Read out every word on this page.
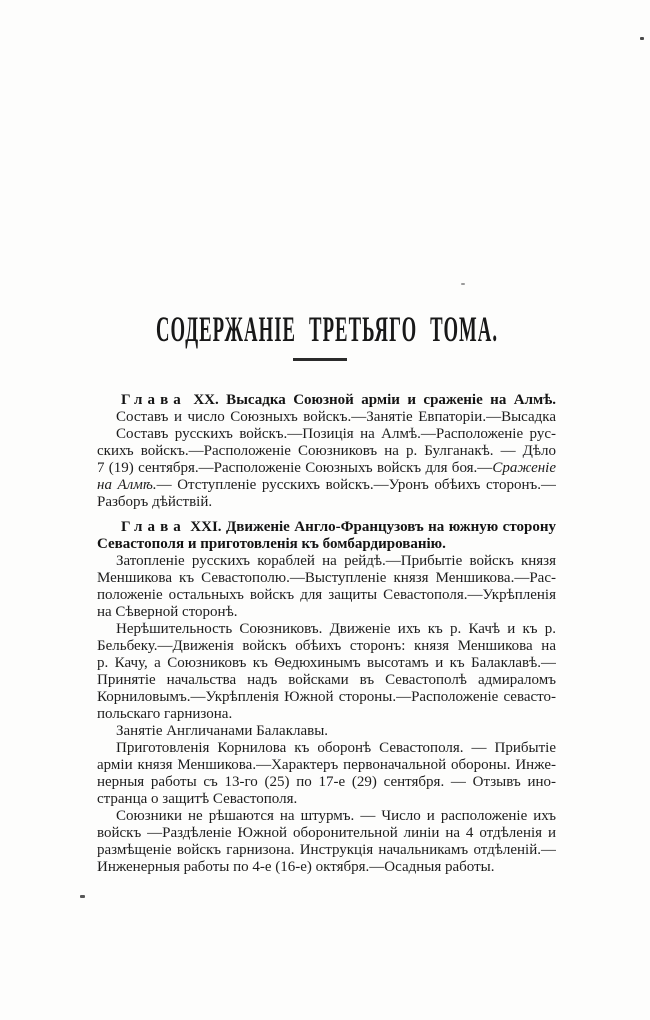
СОДЕРЖАНІЕ ТРЕТЬЯГО ТОМА.
Глава XX. Высадка Союзной арміи и сраженіе на Алмѣ.
Составъ и число Союзныхъ войскъ.—Занятіе Евпаторіи.—Высадка
Составъ русскихъ войскъ.—Позиція на Алмѣ.—Расположеніе рус-
скихъ войскъ.—Расположеніе Союзниковъ на р. Булганакѣ. — Дѣло
7 (19) сентября.—Расположеніе Союзныхъ войскъ для боя.—Сраженіе
на Алмѣ.— Отступленіе русскихъ войскъ.—Уронъ обѣихъ сторонъ.—
Разборъ дѣйствій.
Глава XXI. Движеніе Англо-Французовъ на южную сторону
Севастополя и приготовленія къ бомбардированію.
Затопленіе русскихъ кораблей на рейдѣ.—Прибытіе войскъ князя
Меншикова къ Севастополю.—Выступленіе князя Меншикова.—Рас-
положеніе остальныхъ войскъ для защиты Севастополя.—Укрѣпленія
на Сѣверной сторонѣ.
Нерѣшительность Союзниковъ. Движеніе ихъ къ р. Качѣ и къ р.
Бельбеку.—Движенія войскъ обѣихъ сторонъ: князя Меншикова на
р. Качу, а Союзниковъ къ Ѳедюхинымъ высотамъ и къ Балаклавѣ.—
Принятіе начальства надъ войсками въ Севастополѣ адмираломъ
Корниловымъ.—Укрѣпленія Южной стороны.—Расположеніе севасто-
польскаго гарнизона.
Занятіе Англичанами Балаклавы.
Приготовленія Корнилова къ оборонѣ Севастополя. — Прибытіе
арміи князя Меншикова.—Характеръ первоначальной обороны. Инже-
нерныя работы съ 13-го (25) по 17-е (29) сентября. — Отзывъ ино-
странца о защитѣ Севастополя.
Союзники не рѣшаются на штурмъ. — Число и расположеніе ихъ
войскъ —Раздѣленіе Южной оборонительной линіи на 4 отдѣленія и
размѣщеніе войскъ гарнизона. Инструкція начальникамъ отдѣленій.—
Инженерныя работы по 4-е (16-е) октября.—Осадныя работы.
